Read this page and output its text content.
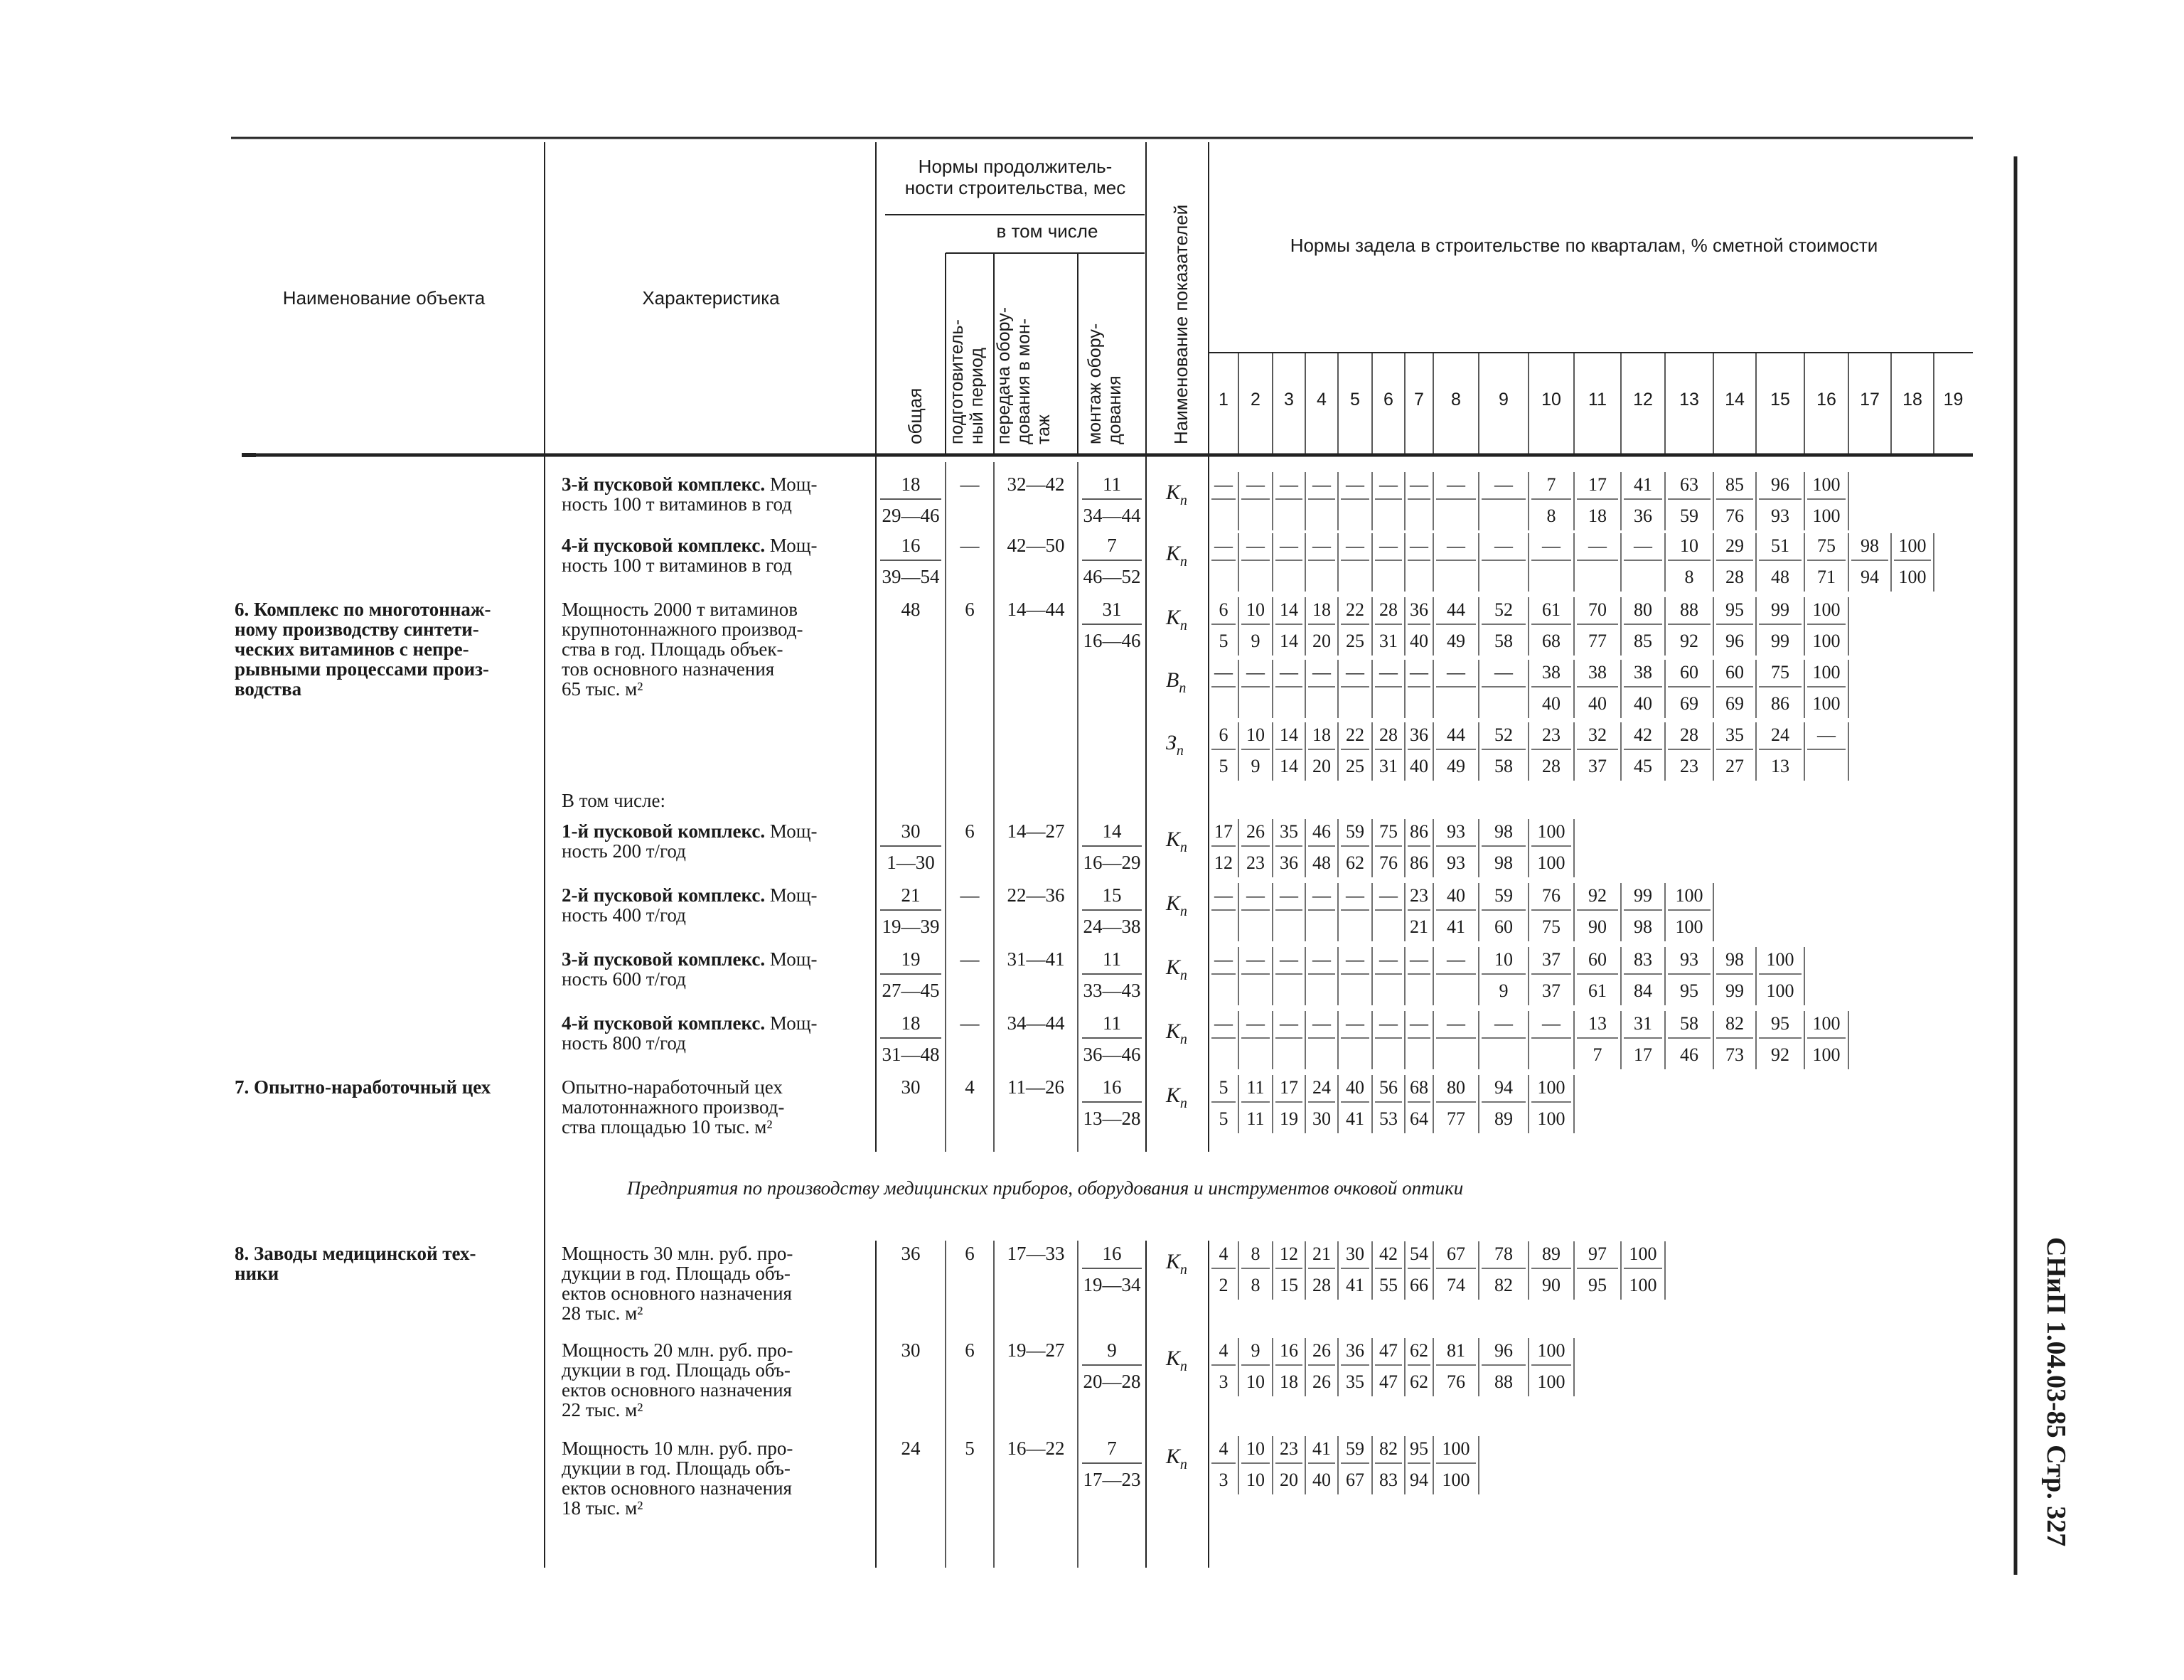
Наименование объекта	Характеристика
Нормы продолжитель-
ности строительства, мес
в том числе
общая подготовитель- ный период передача обору- дования в мон- таж монтаж обору- дования Наименование показателей	Нормы задела в строительстве по кварталам, % сметной стоимости
1 2 3 4 5 6 7 8 9 10 11 12 13 14 15 16 17 18 19
3-й пусковой комплекс. Мощ-
ность 100 т витаминов в год
18
29—46
— 32—42 11
34—44
$К_п$
— — — — — — — — — 7
8
17
18
41
36
63
59
85
76
96
93
100
100
4-й пусковой комплекс. Мощ-
ность 100 т витаминов в год
16
39—54
— 42—50 7
46—52
$К_п$
— — — — — — — — — — — — 10
8
29
28
51
48
75
71
98
94
100
100
Мощность 2000 т витаминов
крупнотоннажного производ-
ства в год. Площадь объек-
тов основного назначения
65 тыс. м²
48 6 14—44 31
16—46
$К_п$
6
5
10
9
14
14
18
20
22
25
28
31
36
40
44
49
52
58
61
68
70
77
80
85
88
92
95
96
99
99
100
100
$В_п$
— — — — — — — — — 38
40
38
40
38
40
60
69
60
69
75
86
100
100
$З_п$
6
5
10
9
14
14
18
20
22
25
28
31
36
40
44
49
52
58
23
28
32
37
42
45
28
23
35
27
24
13
—
В том числе:
1-й пусковой комплекс. Мощ-
ность 200 т/год
30
1—30
6 14—27 14
16—29
$К_п$
17
12
26
23
35
36
46
48
59
62
75
76
86
86
93
93
98
98
100
100
2-й пусковой комплекс. Мощ-
ность 400 т/год
21
19—39
— 22—36 15
24—38
$К_п$
— — — — — — 23
21
40
41
59
60
76
75
92
90
99
98
100
100
3-й пусковой комплекс. Мощ-
ность 600 т/год
19
27—45
— 31—41 11
33—43
$К_п$
— — — — — — — — 10
9
37
37
60
61
83
84
93
95
98
99
100
100
4-й пусковой комплекс. Мощ-
ность 800 т/год
18
31—48
— 34—44 11
36—46
$К_п$
— — — — — — — — — — 13
7
31
17
58
46
82
73
95
92
100
100
Опытно-наработочный цех
малотоннажного производ-
ства площадью 10 тыс. м²
30 4 11—26 16
13—28
$К_п$
5
5
11
11
17
19
24
30
40
41
56
53
68
64
80
77
94
89
100
100
Мощность 30 млн. руб. про-
дукции в год. Площадь объ-
ектов основного назначения
28 тыс. м²
36 6 17—33 16
19—34
$К_п$
4
2
8
8
12
15
21
28
30
41
42
55
54
66
67
74
78
82
89
90
97
95
100
100
Мощность 20 млн. руб. про-
дукции в год. Площадь объ-
ектов основного назначения
22 тыс. м²
30 6 19—27 9
20—28
$К_п$
4
3
9
10
16
18
26
26
36
35
47
47
62
62
81
76
96
88
100
100
Мощность 10 млн. руб. про-
дукции в год. Площадь объ-
ектов основного назначения
18 тыс. м²
24 5 16—22 7
17—23
$К_п$
4
3
10
10
23
20
41
40
59
67
82
83
95
94
100
100
6. Комплекс по многотоннаж-
ному производству синтети-
ческих витаминов с непре-
рывными процессами произ-
водства
7. Опытно-наработочный цех
8. Заводы медицинской тех-
ники
Предприятия по производству медицинских приборов, оборудования и инструментов очковой оптики
СНиП 1.04.03-85 Стр. 327
